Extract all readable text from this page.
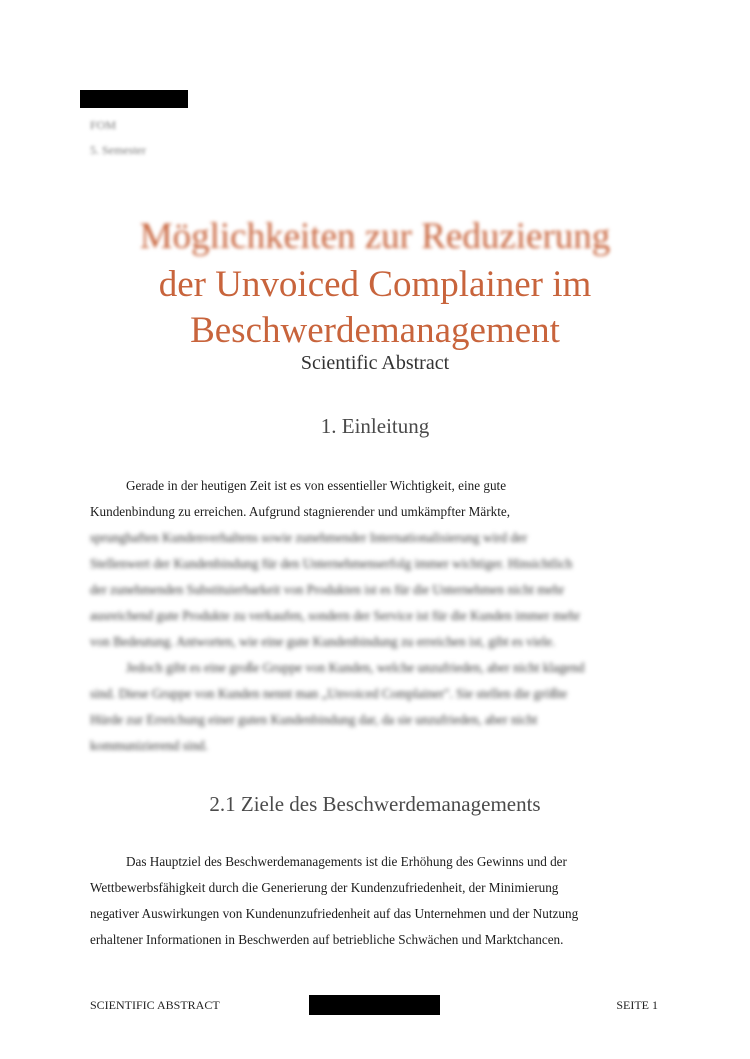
FOM
5. Semester
Möglichkeiten zur Reduzierung
der Unvoiced Complainer im
Beschwerdemanagement
Scientific Abstract
1. Einleitung
Gerade in der heutigen Zeit ist es von essentieller Wichtigkeit, eine gute
Kundenbindung zu erreichen. Aufgrund stagnierender und umkämpfter Märkte,
sprunghaften Kundenverhaltens sowie zunehmender Internationalisierung wird der
Stellenwert der Kundenbindung für den Unternehmenserfolg immer wichtiger. Hinsichtlich
der zunehmenden Substituierbarkeit von Produkten ist es für die Unternehmen nicht mehr
ausreichend gute Produkte zu verkaufen, sondern der Service ist für die Kunden immer mehr
von Bedeutung. Antworten, wie eine gute Kundenbindung zu erreichen ist, gibt es viele.
Jedoch gibt es eine große Gruppe von Kunden, welche unzufrieden, aber nicht klagend
sind. Diese Gruppe von Kunden nennt man „Unvoiced Complainer". Sie stellen die größte
Hürde zur Erreichung einer guten Kundenbindung dar, da sie unzufrieden, aber nicht
kommunizierend sind.
2.1 Ziele des Beschwerdemanagements
Das Hauptziel des Beschwerdemanagements ist die Erhöhung des Gewinns und der
Wettbewerbsfähigkeit durch die Generierung der Kundenzufriedenheit, der Minimierung
negativer Auswirkungen von Kundenunzufriedenheit auf das Unternehmen und der Nutzung
erhaltener Informationen in Beschwerden auf betriebliche Schwächen und Marktchancen.
SCIENTIFIC ABSTRACT	SEITE 1
